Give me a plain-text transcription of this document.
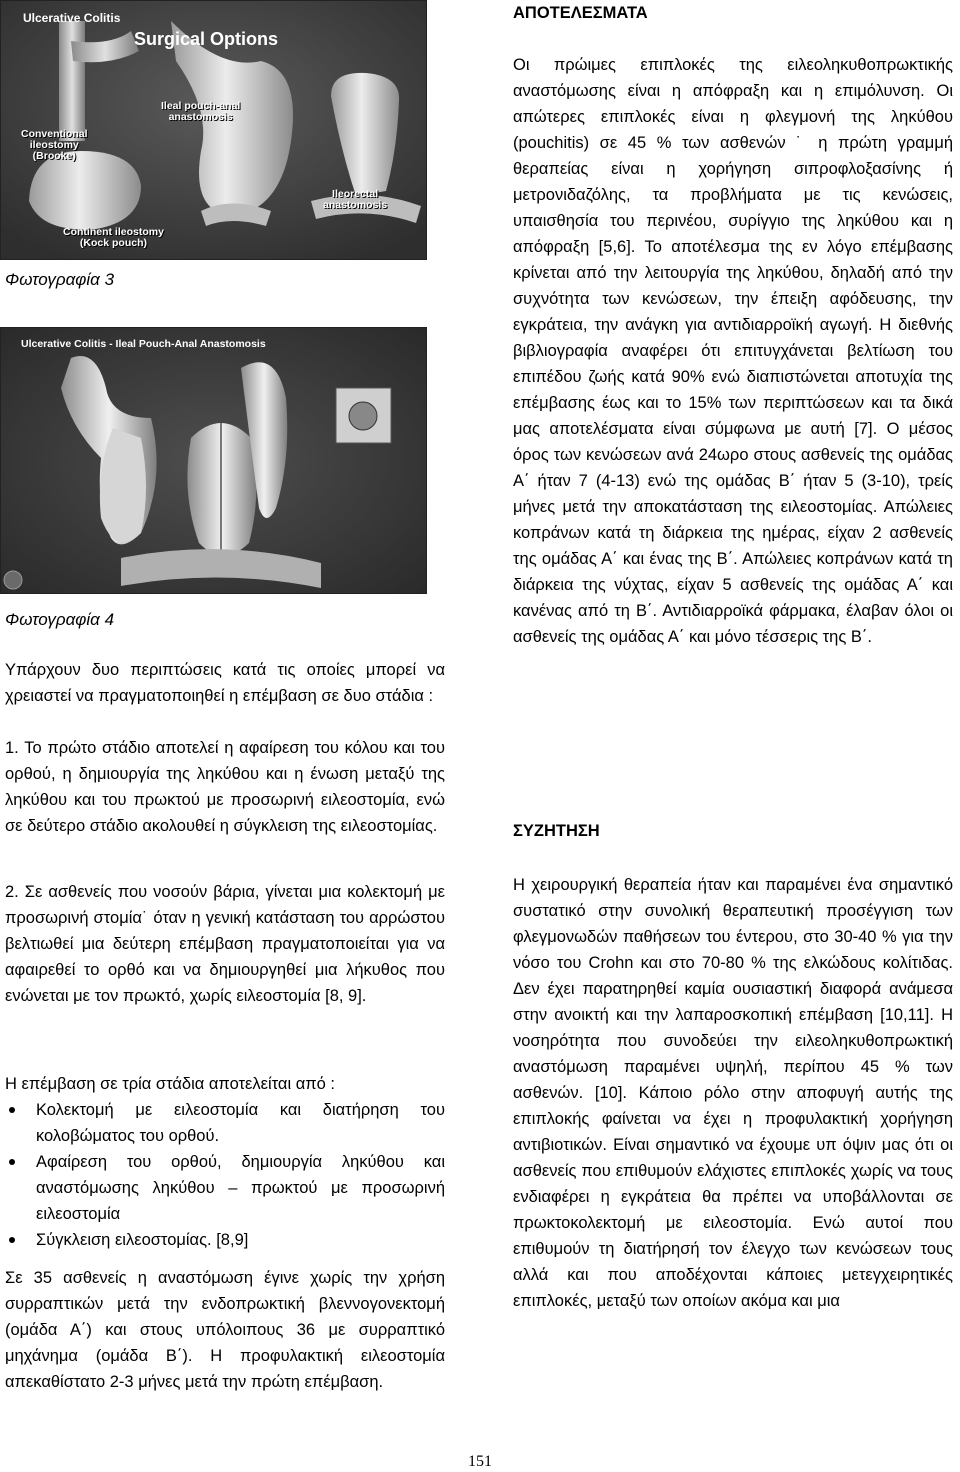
Ulcerative Colitis
Surgical Options
Conventional
ileostomy
(Brooke)
Ileal pouch-anal
anastomosis
Ileorectal
anastomosis
Continent ileostomy
(Kock pouch)
Φωτογραφία 3
Ulcerative Colitis - Ileal Pouch-Anal Anastomosis
Φωτογραφία 4

Υπάρχουν δυο περιπτώσεις κατά τις οποίες μπορεί να χρειαστεί να πραγματοποιηθεί η επέμβαση σε δυο στάδια :

1. Το πρώτο στάδιο αποτελεί η αφαίρεση του κόλου και του ορθού, η δημιουργία της ληκύθου και η ένωση μεταξύ της ληκύθου και του πρωκτού με προσωρινή ειλεοστομία, ενώ σε δεύτερο στάδιο ακολουθεί η σύγκλειση της ειλεοστομίας.

2. Σε ασθενείς που νοσούν βάρια, γίνεται μια κολεκτομή με προσωρινή στομία˙ όταν η γενική κατάσταση του αρρώστου βελτιωθεί μια δεύτερη επέμβαση πραγματοποιείται για να αφαιρεθεί το ορθό και να δημιουργηθεί μια λήκυθος που ενώνεται με τον πρωκτό, χωρίς ειλεοστομία [8, 9].

Η επέμβαση σε τρία στάδια αποτελείται από :
Κολεκτομή με ειλεοστομία και διατήρηση του κολοβώματος του ορθού.
Αφαίρεση του ορθού, δημιουργία ληκύθου και αναστόμωσης ληκύθου – πρωκτού με προσωρινή ειλεοστομία
Σύγκλειση ειλεοστομίας. [8,9]

Σε 35 ασθενείς η αναστόμωση έγινε χωρίς την χρήση συρραπτικών μετά την ενδοπρωκτική βλεννογονεκτομή (ομάδα Α΄) και στους υπόλοιπους 36 με συρραπτικό μηχάνημα (ομάδα Β΄). Η προφυλακτική ειλεοστομία απεκαθίστατο 2-3 μήνες μετά την πρώτη επέμβαση.

ΑΠΟΤΕΛΕΣΜΑΤΑ

Οι πρώιμες επιπλοκές της ειλεοληκυθοπρωκτικής αναστόμωσης είναι η απόφραξη και η επιμόλυνση. Οι απώτερες επιπλοκές είναι η φλεγμονή της ληκύθου (pouchitis) σε 45 % των ασθενών ˙ η πρώτη γραμμή θεραπείας είναι η χορήγηση σιπροφλοξασίνης ή μετρονιδαζόλης, τα προβλήματα με τις κενώσεις, υπαισθησία του περινέου, συρίγγιο της ληκύθου και η απόφραξη [5,6]. Το αποτέλεσμα της εν λόγο επέμβασης κρίνεται από την λειτουργία της ληκύθου, δηλαδή από την συχνότητα των κενώσεων, την έπειξη αφόδευσης, την εγκράτεια, την ανάγκη για αντιδιαρροϊκή αγωγή. Η διεθνής βιβλιογραφία αναφέρει ότι επιτυγχάνεται βελτίωση του επιπέδου ζωής κατά 90% ενώ διαπιστώνεται αποτυχία της επέμβασης έως και το 15% των περιπτώσεων και τα δικά μας αποτελέσματα είναι σύμφωνα με αυτή [7]. Ο μέσος όρος των κενώσεων ανά 24ωρο στους ασθενείς της ομάδας Α΄ ήταν 7 (4-13) ενώ της ομάδας Β΄ ήταν 5 (3-10), τρείς μήνες μετά την αποκατάσταση της ειλεοστομίας. Απώλειες κοπράνων κατά τη διάρκεια της ημέρας, είχαν 2 ασθενείς της ομάδας Α΄ και ένας της Β΄. Απώλειες κοπράνων κατά τη διάρκεια της νύχτας, είχαν 5 ασθενείς της ομάδας Α΄ και κανένας από τη Β΄. Αντιδιαρροϊκά φάρμακα, έλαβαν όλοι οι ασθενείς της ομάδας Α΄ και μόνο τέσσερις της Β΄.

ΣΥΖΗΤΗΣΗ

Η χειρουργική θεραπεία ήταν και παραμένει ένα σημαντικό συστατικό στην συνολική θεραπευτική προσέγγιση των φλεγμονωδών παθήσεων του έντερου, στο 30-40 % για την νόσο του Crohn και στο 70-80 % της ελκώδους κολίτιδας. Δεν έχει παρατηρηθεί καμία ουσιαστική διαφορά ανάμεσα στην ανοικτή και την λαπαροσκοπική επέμβαση [10,11]. Η νοσηρότητα που συνοδεύει την ειλεοληκυθοπρωκτική αναστόμωση παραμένει υψηλή, περίπου 45 % των ασθενών. [10]. Κάποιο ρόλο στην αποφυγή αυτής της επιπλοκής φαίνεται να έχει η προφυλακτική χορήγηση αντιβιοτικών. Είναι σημαντικό να έχουμε υπ όψιν μας ότι οι ασθενείς που επιθυμούν ελάχιστες επιπλοκές χωρίς να τους ενδιαφέρει η εγκράτεια θα πρέπει να υποβάλλονται σε πρωκτοκολεκτομή με ειλεοστομία. Ενώ αυτοί που επιθυμούν τη διατήρησή τον έλεγχο των κενώσεων τους αλλά και που αποδέχονται κάποιες μετεγχειρητικές επιπλοκές, μεταξύ των οποίων ακόμα και μια

151
